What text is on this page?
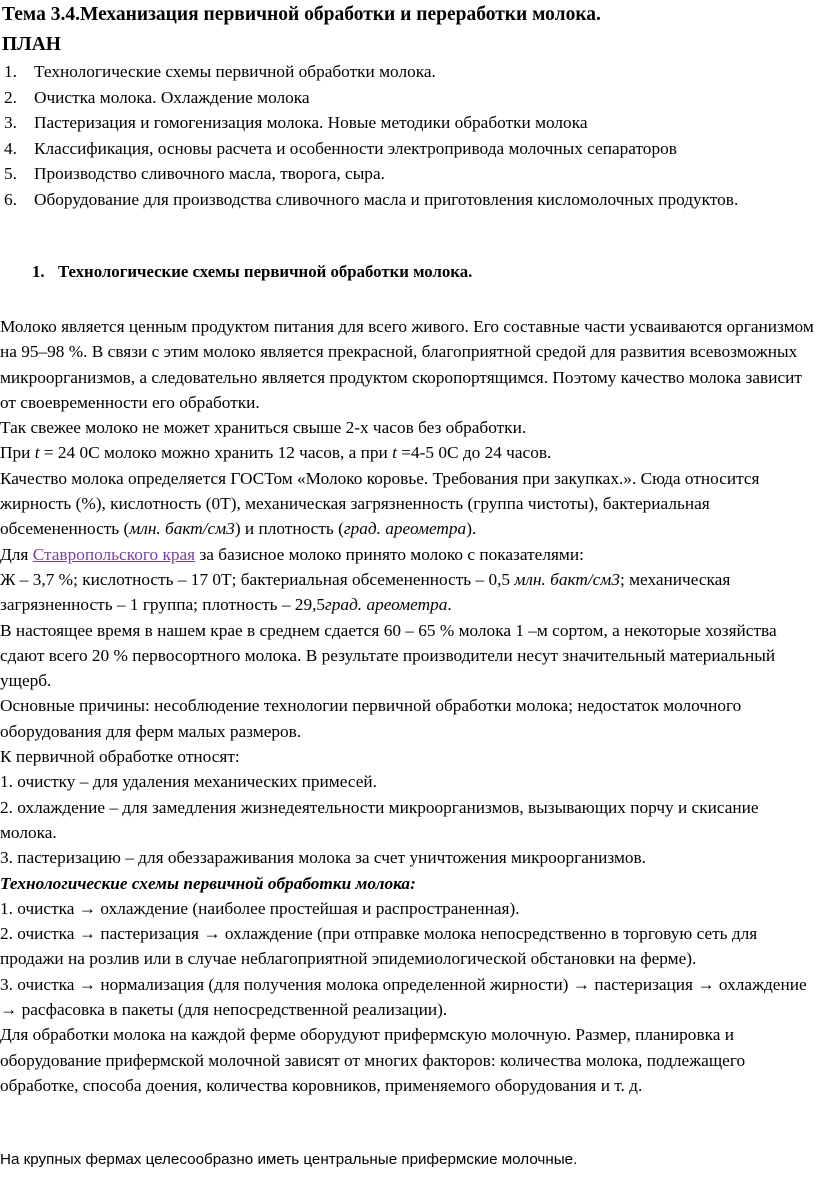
Тема 3.4.Механизация первичной обработки и переработки молока.
ПЛАН
1. Технологические схемы первичной обработки молока.
2. Очистка молока. Охлаждение молока
3. Пастеризация и гомогенизация молока. Новые методики обработки молока
4. Классификация, основы расчета и особенности электропривода молочных сепараторов
5. Производство сливочного масла, творога, сыра.
6. Оборудование для производства сливочного масла и приготовления кисломолочных продуктов.
1. Технологические схемы первичной обработки молока.

Молоко является ценным продуктом питания для всего живого. Его составные части усваиваются организмом на 95–98 %. В связи с этим молоко является прекрасной, благоприятной средой для развития всевозможных микроорганизмов, а следовательно является продуктом скоропортящимся. Поэтому качество молока зависит от своевременности его обработки.

Так свежее молоко не может храниться свыше 2-х часов без обработки.

При t = 24 0С молоко можно хранить 12 часов, а при t =4-5 0С до 24 часов.

Качество молока определяется ГОСТом «Молоко коровье. Требования при закупках.». Сюда относится жирность (%), кислотность (0Т), механическая загрязненность (группа чистоты), бактериальная обсемененность (млн. бакт/см3) и плотность (град. ареометра).

Для Ставропольского края за базисное молоко принято молоко с показателями:

Ж – 3,7 %; кислотность – 17 0Т; бактериальная обсемененность – 0,5 млн. бакт/см3; механическая загрязненность – 1 группа; плотность – 29,5град. ареометра.

В настоящее время в нашем крае в среднем сдается 60 – 65 % молока 1 –м сортом, а некоторые хозяйства сдают всего 20 % первосортного молока. В результате производители несут значительный материальный ущерб.

Основные причины: несоблюдение технологии первичной обработки молока; недостаток молочного оборудования для ферм малых размеров.

К первичной обработке относят:

1. очистку – для удаления механических примесей.

2. охлаждение – для замедления жизнедеятельности микроорганизмов, вызывающих порчу и скисание молока.

3. пастеризацию – для обеззараживания молока за счет уничтожения микроорганизмов.

Технологические схемы первичной обработки молока:

1. очистка → охлаждение (наиболее простейшая и распространенная).

2. очистка → пастеризация → охлаждение (при отправке молока непосредственно в торговую сеть для продажи на розлив или в случае неблагоприятной эпидемиологической обстановки на ферме).

3. очистка → нормализация (для получения молока определенной жирности) → пастеризация → охлаждение → расфасовка в пакеты (для непосредственной реализации).

Для обработки молока на каждой ферме оборудуют прифермскую молочную. Размер, планировка и оборудование прифермской молочной зависят от многих факторов: количества молока, подлежащего обработке, способа доения, количества коровников, применяемого оборудования и т. д.

На крупных фермах целесообразно иметь центральные прифермские молочные.
